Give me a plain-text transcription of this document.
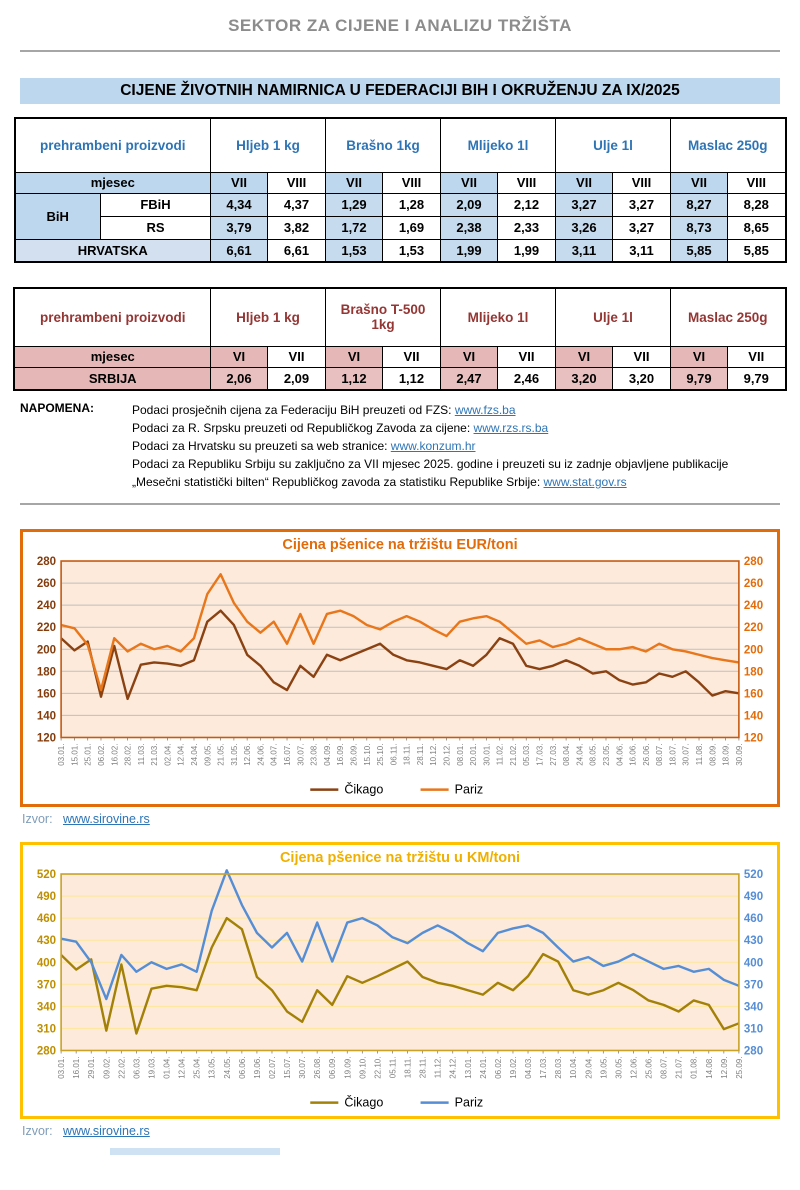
SEKTOR ZA CIJENE I ANALIZU TRŽIŠTA
CIJENE ŽIVOTNIH NAMIRNICA U FEDERACIJI BIH I OKRUŽENJU ZA IX/2025
prehrambeni proizvodi		Hljeb 1 kg		Brašno 1kg		Mlijeko 1l		Ulje 1l		Maslac 250g	
mjesec		VII	VIII	VII	VIII	VII	VIII	VII	VIII	VII	VIII
BiH	FBiH	4,34	4,37	1,29	1,28	2,09	2,12	3,27	3,27	8,27	8,28
	RS	3,79	3,82	1,72	1,69	2,38	2,33	3,26	3,27	8,73	8,65
HRVATSKA		6,61	6,61	1,53	1,53	1,99	1,99	3,11	3,11	5,85	5,85
prehrambeni proizvodi	Hljeb 1 kg		Brašno T-500 1kg		Mlijeko 1l		Ulje 1l		Maslac 250g	
mjesec	VI	VII	VI	VII	VI	VII	VI	VII	VI	VII
SRBIJA	2,06	2,09	1,12	1,12	2,47	2,46	3,20	3,20	9,79	9,79
NAPOMENA:	Podaci prosječnih cijena za Federaciju BiH preuzeti od FZS: www.fzs.ba
Podaci za R. Srpsku preuzeti od Republičkog Zavoda za cijene: www.rzs.rs.ba
Podaci za Hrvatsku su preuzeti sa web stranice: www.konzum.hr
Podaci za Republiku Srbiju su zaključno za VII mjesec 2025. godine i preuzeti su iz zadnje objavljene publikacije
„Mesečni statistički bilten“ Republičkog zavoda za statistiku Republike Srbije: www.stat.gov.rs
Cijena pšenice na tržištu EUR/toni
120	120
140	140
160	160
180	180
200	200
220	220
240	240
260	260
280	280
03.01. 15.01. 25.01. 06.02. 16.02. 28.02. 11.03. 21.03. 02.04. 12.04. 24.04. 09.05. 21.05. 31.05. 12.06. 24.06. 04.07. 16.07. 30.07. 23.08. 04.09. 16.09. 26.09. 15.10. 25.10. 06.11. 18.11. 28.11. 10.12. 20.12. 08.01. 20.01. 30.01. 11.02. 21.02. 05.03. 17.03. 27.03. 08.04. 24.04. 08.05. 23.05. 04.06. 16.06. 26.06. 08.07. 18.07. 30.07. 11.08. 08.09. 18.09. 30.09.
Čikago	Pariz
Izvor: www.sirovine.rs
Cijena pšenice na tržištu u KM/toni
280	280
310	310
340	340
370	370
400	400
430	430
460	460
490	490
520	520
03.01. 16.01. 29.01. 09.02. 22.02. 06.03. 19.03. 01.04. 12.04. 25.04. 13.05. 24.05. 06.06. 19.06. 02.07. 15.07. 30.07. 26.08. 06.09. 19.09. 09.10. 22.10. 05.11. 18.11. 28.11. 11.12. 24.12. 13.01. 24.01. 06.02. 19.02. 04.03. 17.03. 28.03. 10.04. 29.04. 19.05. 30.05. 12.06. 25.06. 08.07. 21.07. 01.08. 14.08. 12.09. 25.09.
Čikago	Pariz
Izvor: www.sirovine.rs
